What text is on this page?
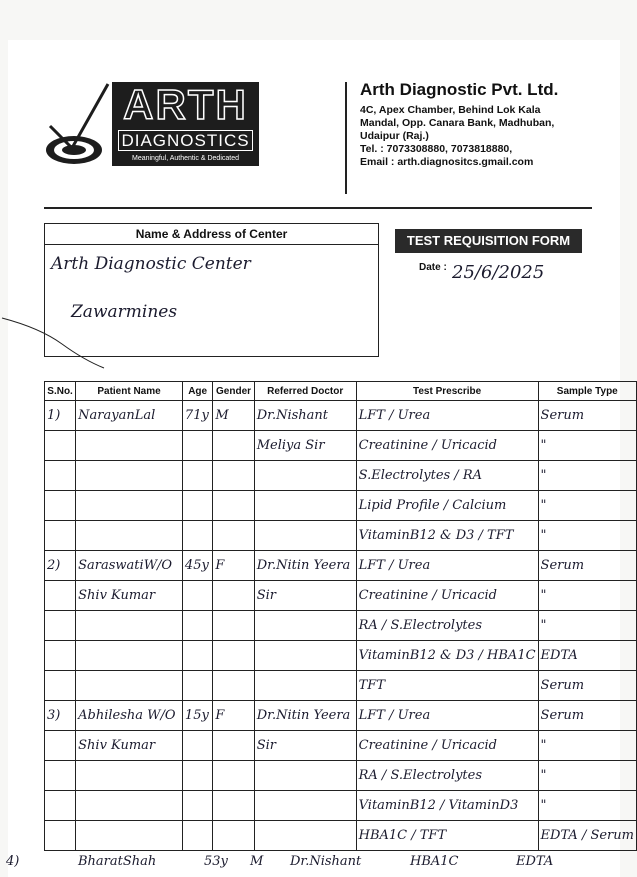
ARTH
DIAGNOSTICS
Meaningful, Authentic & Dedicated
Arth Diagnostic Pvt. Ltd.
4C, Apex Chamber, Behind Lok Kala
Mandal, Opp. Canara Bank, Madhuban,
Udaipur (Raj.)
Tel. : 7073308880, 7073818880,
Email : arth.diagnositcs.gmail.com
Name & Address of Center
Arth Diagnostic Center
Zawarmines
TEST REQUISITION FORM
Date : 25/6/2025
S.No.	Patient Name	Age	Gender	Referred Doctor	Test Prescribe	Sample Type
1)	NarayanLal	71y	M	Dr.Nishant	LFT / Urea	Serum
				Meliya Sir	Creatinine / Uricacid	"
					S.Electrolytes / RA	"
					Lipid Profile / Calcium	"
					VitaminB12 & D3 / TFT	"
2)	SaraswatiW/O	45y	F	Dr.Nitin Yeera	LFT / Urea	Serum
	Shiv Kumar			Sir	Creatinine / Uricacid	"
					RA / S.Electrolytes	"
					VitaminB12 & D3 / HBA1C	EDTA
					TFT	Serum
3)	Abhilesha W/O	15y	F	Dr.Nitin Yeera	LFT / Urea	Serum
	Shiv Kumar			Sir	Creatinine / Uricacid	"
					RA / S.Electrolytes	"
					VitaminB12 / VitaminD3	"
					HBA1C / TFT	EDTA / Serum
4)	BharatShah	53y M Dr.Nishant	HBA1C	EDTA
